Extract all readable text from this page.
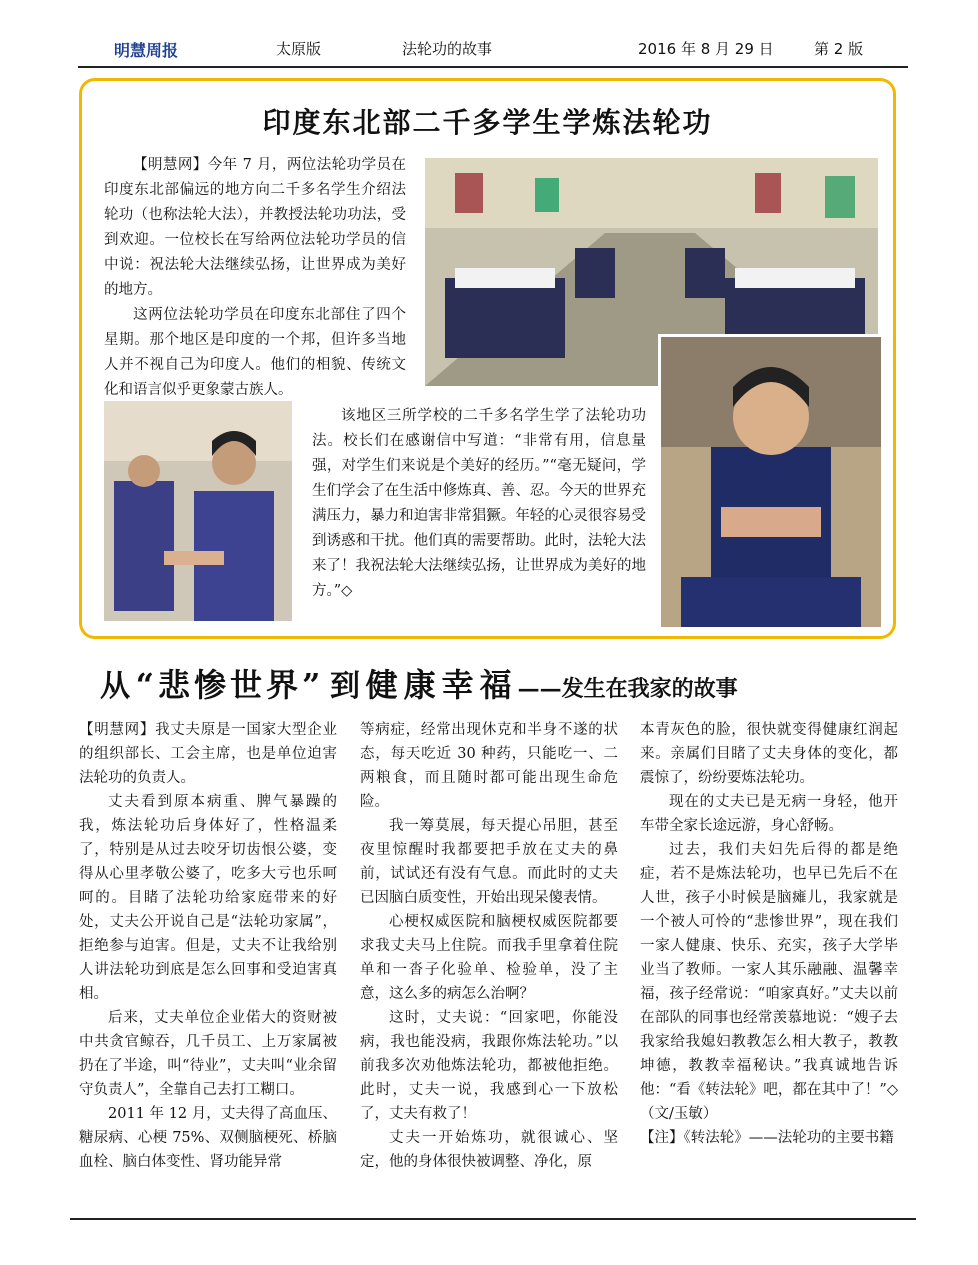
明慧周报	太原版	法轮功的故事	2016 年 8 月 29 日	第 2 版
印度东北部二千多学生学炼法轮功

【明慧网】今年 7 月，两位法轮功学员在印度东北部偏远的地方向二千多名学生介绍法轮功（也称法轮大法），并教授法轮功功法，受到欢迎。一位校长在写给两位法轮功学员的信中说：祝法轮大法继续弘扬，让世界成为美好的地方。

这两位法轮功学员在印度东北部住了四个星期。那个地区是印度的一个邦，但许多当地人并不视自己为印度人。他们的相貌、传统文化和语言似乎更象蒙古族人。

该地区三所学校的二千多名学生学了法轮功功法。校长们在感谢信中写道：“非常有用，信息量强，对学生们来说是个美好的经历。”“毫无疑问，学生们学会了在生活中修炼真、善、忍。今天的世界充满压力，暴力和迫害非常猖獗。年轻的心灵很容易受到诱惑和干扰。他们真的需要帮助。此时，法轮大法来了！我祝法轮大法继续弘扬，让世界成为美好的地方。”◇

从 “悲惨世界” 到 健康幸福——发生在我家的故事

【明慧网】我丈夫原是一国家大型企业的组织部长、工会主席，也是单位迫害法轮功的负责人。

丈夫看到原本病重、脾气暴躁的我，炼法轮功后身体好了，性格温柔了，特别是从过去咬牙切齿恨公婆，变得从心里孝敬公婆了，吃多大亏也乐呵呵的。目睹了法轮功给家庭带来的好处，丈夫公开说自己是“法轮功家属”，拒绝参与迫害。但是，丈夫不让我给别人讲法轮功到底是怎么回事和受迫害真相。

后来，丈夫单位企业偌大的资财被中共贪官鲸吞，几千员工、上万家属被扔在了半途，叫“待业”，丈夫叫“业余留守负责人”，全靠自己去打工糊口。

2011 年 12 月，丈夫得了高血压、糖尿病、心梗 75%、双侧脑梗死、桥脑血栓、脑白体变性、肾功能异常

等病症，经常出现休克和半身不遂的状态，每天吃近 30 种药，只能吃一、二两粮食，而且随时都可能出现生命危险。

我一筹莫展，每天提心吊胆，甚至夜里惊醒时我都要把手放在丈夫的鼻前，试试还有没有气息。而此时的丈夫已因脑白质变性，开始出现呆傻表情。

心梗权威医院和脑梗权威医院都要求我丈夫马上住院。而我手里拿着住院单和一沓子化验单、检验单，没了主意，这么多的病怎么治啊？

这时，丈夫说：“回家吧，你能没病，我也能没病，我跟你炼法轮功。”以前我多次劝他炼法轮功，都被他拒绝。此时，丈夫一说，我感到心一下放松了，丈夫有救了！

丈夫一开始炼功，就很诚心、坚定，他的身体很快被调整、净化，原

本青灰色的脸，很快就变得健康红润起来。亲属们目睹了丈夫身体的变化，都震惊了，纷纷要炼法轮功。

现在的丈夫已是无病一身轻，他开车带全家长途远游，身心舒畅。

过去，我们夫妇先后得的都是绝症，若不是炼法轮功，也早已先后不在人世，孩子小时候是脑瘫儿，我家就是一个被人可怜的“悲惨世界”，现在我们一家人健康、快乐、充实，孩子大学毕业当了教师。一家人其乐融融、温馨幸福，孩子经常说：“咱家真好。”丈夫以前在部队的同事也经常羡慕地说：“嫂子去我家给我媳妇教教怎么相大教子，教教坤德，教教幸福秘诀。”我真诚地告诉他：“看《转法轮》吧，都在其中了！”◇（文/玉敏）

【注】《转法轮》——法轮功的主要书籍
